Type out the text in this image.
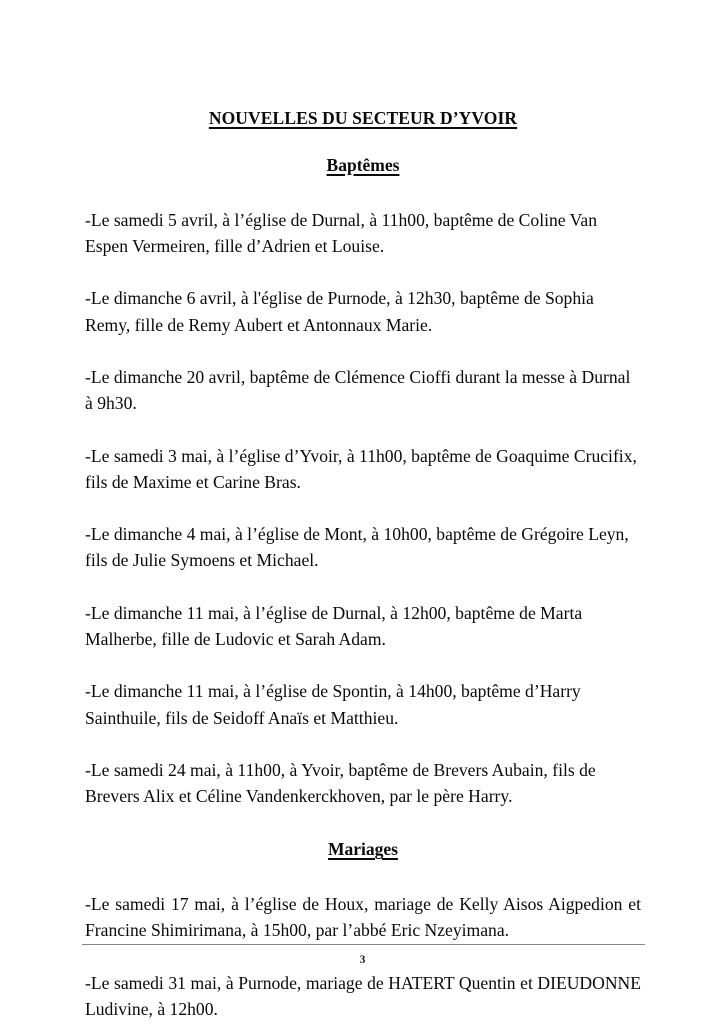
NOUVELLES DU SECTEUR D’YVOIR
Baptêmes

-Le samedi 5 avril, à l’église de Durnal, à 11h00, baptême de Coline Van Espen Vermeiren, fille d’Adrien et Louise.

-Le dimanche 6 avril, à l'église de Purnode, à 12h30, baptême de Sophia Remy, fille de Remy Aubert et Antonnaux Marie.

-Le dimanche 20 avril, baptême de Clémence Cioffi durant la messe à Durnal à 9h30.

-Le samedi 3 mai, à l’église d’Yvoir, à 11h00, baptême de Goaquime Crucifix, fils de Maxime et Carine Bras.

-Le dimanche 4 mai, à l’église de Mont, à 10h00, baptême de Grégoire Leyn, fils de Julie Symoens et Michael.

-Le dimanche 11 mai, à l’église de Durnal, à 12h00, baptême de Marta Malherbe, fille de Ludovic et Sarah Adam.

-Le dimanche 11 mai, à l’église de Spontin, à 14h00, baptême d’Harry Sainthuile, fils de Seidoff Anaïs et Matthieu.

-Le samedi 24 mai, à 11h00, à Yvoir, baptême de Brevers Aubain, fils de Brevers Alix et Céline Vandenkerckhoven, par le père Harry.

Mariages

-Le samedi 17 mai, à l’église de Houx, mariage de Kelly Aisos Aigpedion et Francine Shimirimana, à 15h00, par l’abbé Eric Nzeyimana.

-Le samedi 31 mai, à Purnode, mariage de HATERT Quentin et DIEUDONNE Ludivine, à 12h00.

3
